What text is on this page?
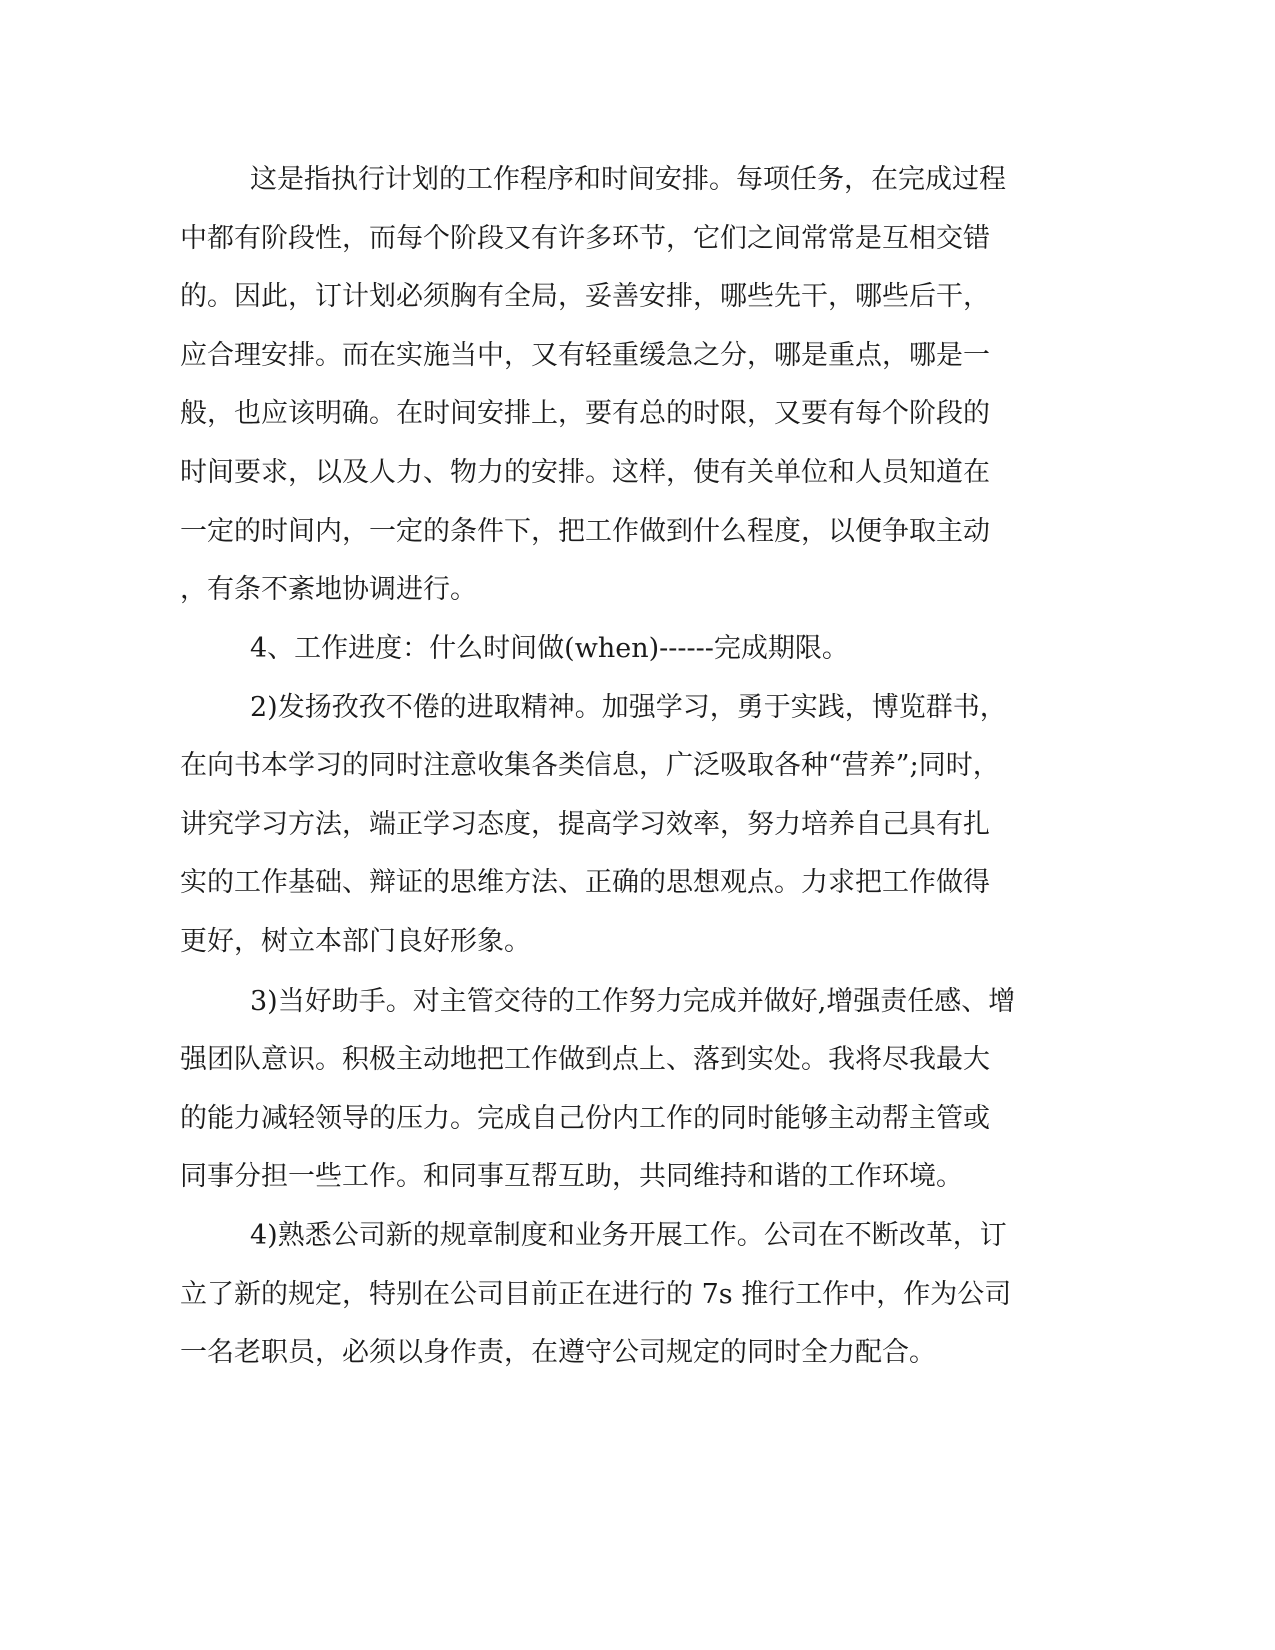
这是指执行计划的工作程序和时间安排。每项任务，在完成过程

中都有阶段性，而每个阶段又有许多环节，它们之间常常是互相交错

的。因此，订计划必须胸有全局，妥善安排，哪些先干，哪些后干，

应合理安排。而在实施当中，又有轻重缓急之分，哪是重点，哪是一

般，也应该明确。在时间安排上，要有总的时限，又要有每个阶段的

时间要求，以及人力、物力的安排。这样，使有关单位和人员知道在

一定的时间内，一定的条件下，把工作做到什么程度，以便争取主动

，有条不紊地协调进行。

4、工作进度：什么时间做(when)------完成期限。

2)发扬孜孜不倦的进取精神。加强学习，勇于实践，博览群书，

在向书本学习的同时注意收集各类信息，广泛吸取各种“营养”;同时，

讲究学习方法，端正学习态度，提高学习效率，努力培养自己具有扎

实的工作基础、辩证的思维方法、正确的思想观点。力求把工作做得

更好，树立本部门良好形象。

3)当好助手。对主管交待的工作努力完成并做好,增强责任感、增

强团队意识。积极主动地把工作做到点上、落到实处。我将尽我最大

的能力减轻领导的压力。完成自己份内工作的同时能够主动帮主管或

同事分担一些工作。和同事互帮互助，共同维持和谐的工作环境。

4)熟悉公司新的规章制度和业务开展工作。公司在不断改革，订

立了新的规定，特别在公司目前正在进行的 7s 推行工作中，作为公司

一名老职员，必须以身作责，在遵守公司规定的同时全力配合。
